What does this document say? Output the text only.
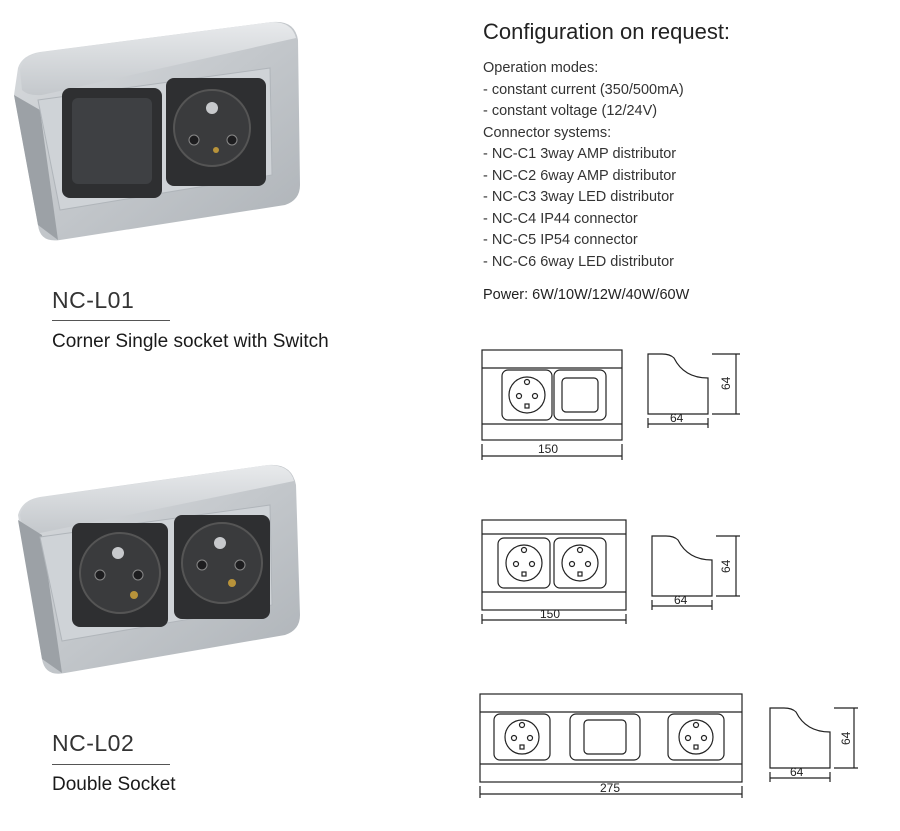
NC-L01
Corner Single socket with Switch
NC-L02
Double Socket
Configuration on request:
Operation modes:
- constant current (350/500mA)
- constant voltage (12/24V)
Connector systems:
- NC-C1 3way AMP distributor
- NC-C2 6way AMP distributor
- NC-C3 3way LED distributor
- NC-C4 IP44 connector
- NC-C5 IP54 connector
- NC-C6 6way LED distributor
Power: 6W/10W/12W/40W/60W
150
64
64
150
64
64
275
64
64
